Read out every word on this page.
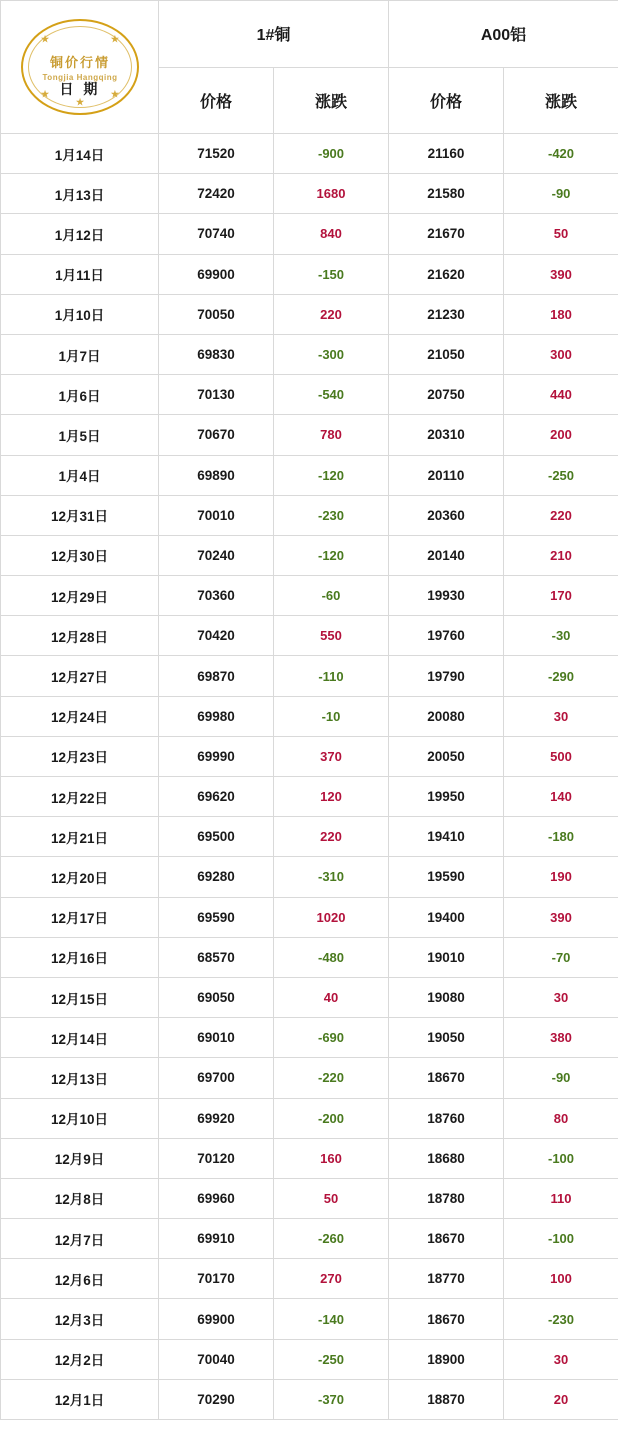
★	★
★	★
★
铜价行情
Tongjia Hangqing
日 期
	1#铜	A00铝
	价格	涨跌	价格	涨跌
1月14日	71520	-900	21160	-420
1月13日	72420	1680	21580	-90
1月12日	70740	840	21670	50
1月11日	69900	-150	21620	390
1月10日	70050	220	21230	180
1月7日	69830	-300	21050	300
1月6日	70130	-540	20750	440
1月5日	70670	780	20310	200
1月4日	69890	-120	20110	-250
12月31日	70010	-230	20360	220
12月30日	70240	-120	20140	210
12月29日	70360	-60	19930	170
12月28日	70420	550	19760	-30
12月27日	69870	-110	19790	-290
12月24日	69980	-10	20080	30
12月23日	69990	370	20050	500
12月22日	69620	120	19950	140
12月21日	69500	220	19410	-180
12月20日	69280	-310	19590	190
12月17日	69590	1020	19400	390
12月16日	68570	-480	19010	-70
12月15日	69050	40	19080	30
12月14日	69010	-690	19050	380
12月13日	69700	-220	18670	-90
12月10日	69920	-200	18760	80
12月9日	70120	160	18680	-100
12月8日	69960	50	18780	110
12月7日	69910	-260	18670	-100
12月6日	70170	270	18770	100
12月3日	69900	-140	18670	-230
12月2日	70040	-250	18900	30
12月1日	70290	-370	18870	20
